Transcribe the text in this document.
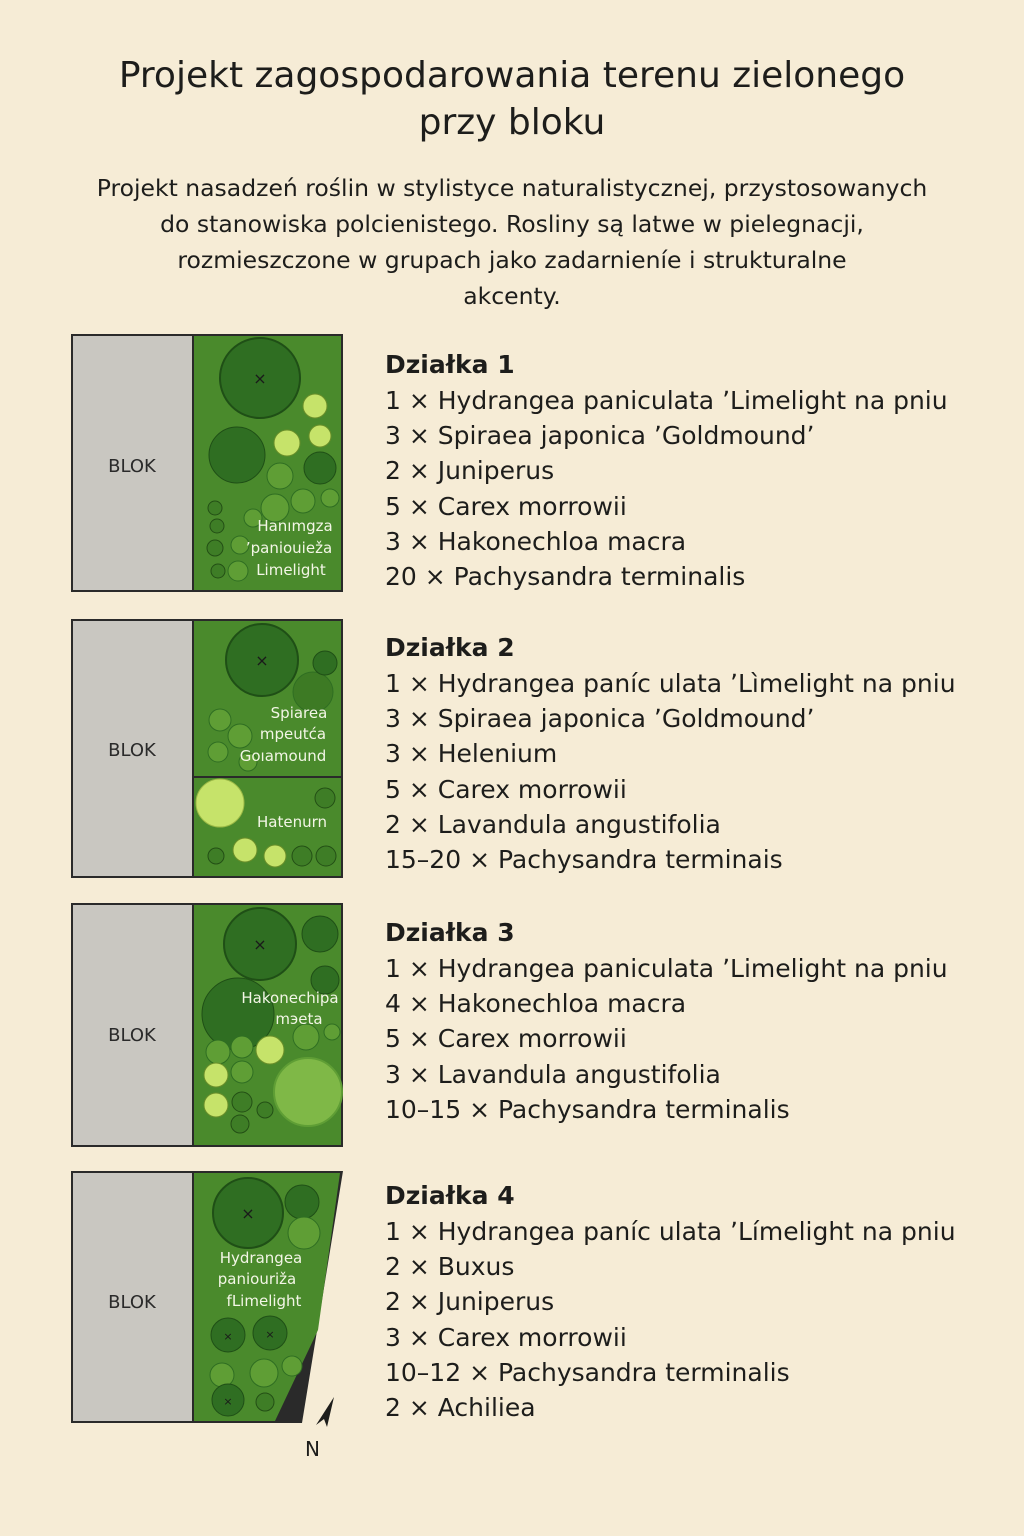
Projekt zagospodarowania terenu zielonego przy bloku
Projekt nasadzeń roślin w stylistyce naturalistycznej, przystosowanych
do stanowiska polcienistego. Rosliny są latwe w pielegnacji,
rozmieszczone w grupach jako zadarnieníe i strukturalne
akcenty.
×
Hanımgza
ʼpaniouieža
Limelight
BLOK
Działka 1
1 × Hydrangea paniculata ʼLimelight na pniu
3 × Spiraea japonica ʼGoldmoundʼ
2 × Juniperus
5 × Carex morrowii
3 × Hakonechloa macra
20 × Pachysandra terminalis
×
Spiarea
mpeutća
Goıamound
Hatenurn
BLOK
Działka 2
1 × Hydrangea paníc ulata ʼLìmelight na pniu
3 × Spiraea japonica ʼGoldmoundʼ
3 × Helenium
5 × Carex morrowii
2 × Lavandula angustifolia
15–20 × Pachysandra terminais
×
Hakonechipa
mэeta
BLOK
Działka 3
1 × Hydrangea paniculata ʼLimelight na pniu
4 × Hakonechloa macra
5 × Carex morrowii
3 × Lavandula angustifolia
10–15 × Pachysandra terminalis
×
×	×
×
Hydrangea
paniouriža
fLimelight
BLOK
Działka 4
1 × Hydrangea paníc ulata ʼLímelight na pniu
2 × Buxus
2 × Juniperus
3 × Carex morrowii
10–12 × Pachysandra terminalis
2 × Achiliea
N
